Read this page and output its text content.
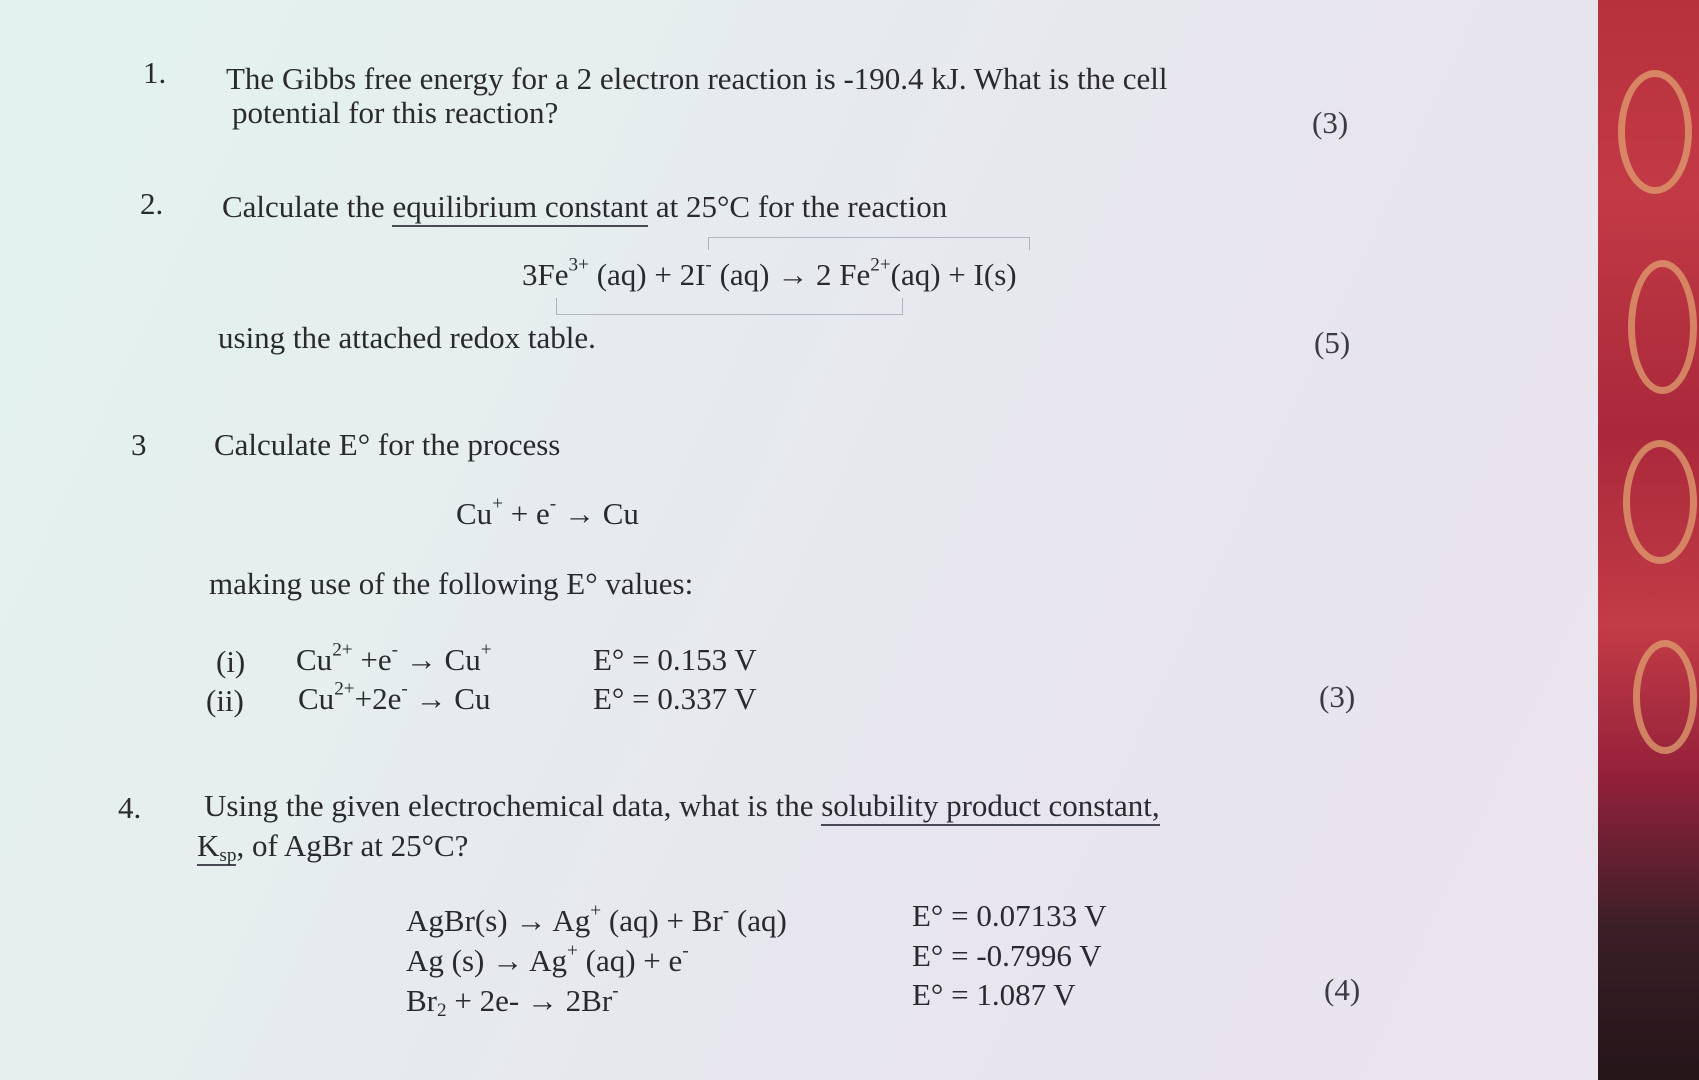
1. The Gibbs free energy for a 2 electron reaction is -190.4 kJ. What is the cell
potential for this reaction?	(3)
2. Calculate the equilibrium constant at 25°C for the reaction
$3Fe^{3+}$ (aq) + 2I- (aq) → 2 $Fe^{2+}(aq) + I(s)$
using the attached redox table.	(5)
3 Calculate E° for the process
Cu+ + e- → Cu
making use of the following E° values:
(i) $Cu^{2+} +e^- \to Cu^+$	E° = 0.153 V
(ii) $Cu^{2+}+2e^- \to Cu$	E° = 0.337 V	(3)
4. Using the given electrochemical data, what is the solubility product constant,
$K_{sp}$, of AgBr at 25°C?
AgBr(s) → Ag+ (aq) + Br- (aq)	E° = 0.07133 V
Ag (s) → Ag+ (aq) + e-	E° = -0.7996 V
$Br_2 + 2e- \to 2Br^-$	E° = 1.087 V	(4)
